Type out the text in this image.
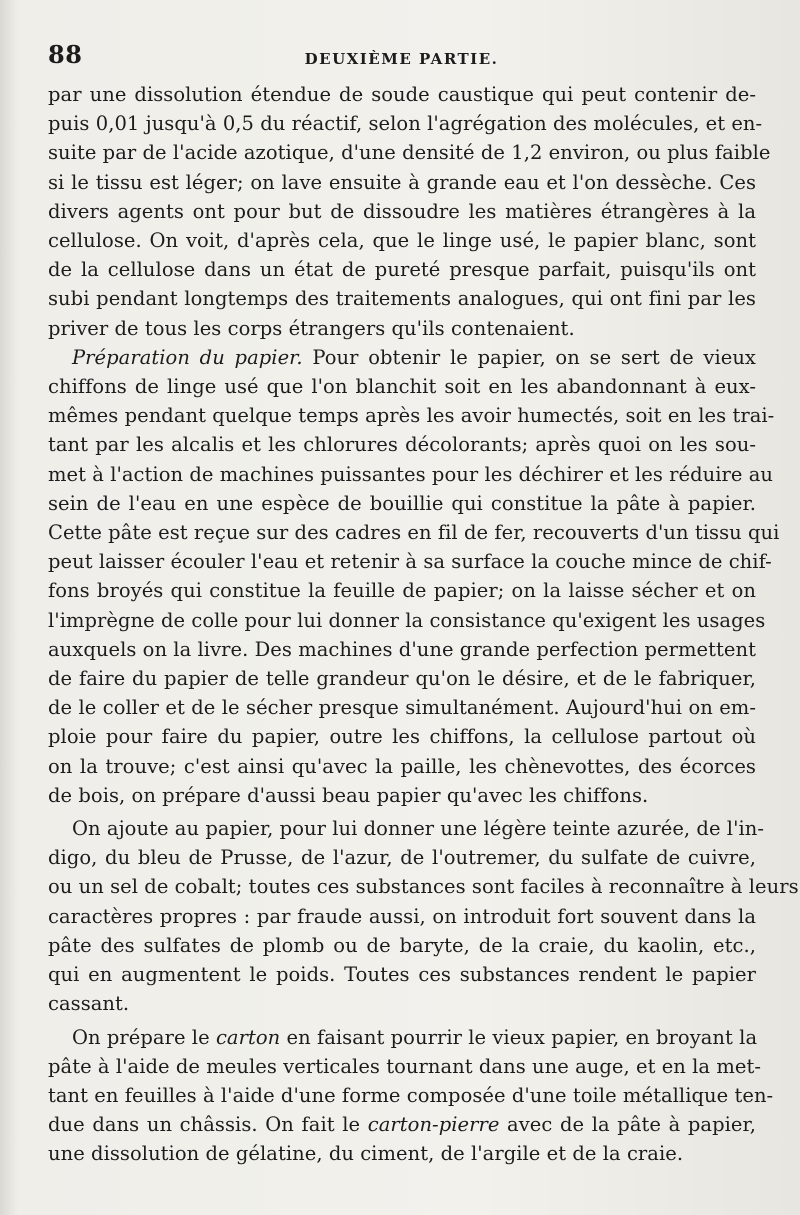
88	DEUXIÈME PARTIE.
par une dissolution étendue de soude caustique qui peut contenir de-
puis 0,01 jusqu'à 0,5 du réactif, selon l'agrégation des molécules, et en-
suite par de l'acide azotique, d'une densité de 1,2 environ, ou plus faible
si le tissu est léger; on lave ensuite à grande eau et l'on dessèche. Ces
divers agents ont pour but de dissoudre les matières étrangères à la
cellulose. On voit, d'après cela, que le linge usé, le papier blanc, sont
de la cellulose dans un état de pureté presque parfait, puisqu'ils ont
subi pendant longtemps des traitements analogues, qui ont fini par les
priver de tous les corps étrangers qu'ils contenaient.
Préparation du papier. Pour obtenir le papier, on se sert de vieux
chiffons de linge usé que l'on blanchit soit en les abandonnant à eux-
mêmes pendant quelque temps après les avoir humectés, soit en les trai-
tant par les alcalis et les chlorures décolorants; après quoi on les sou-
met à l'action de machines puissantes pour les déchirer et les réduire au
sein de l'eau en une espèce de bouillie qui constitue la pâte à papier.
Cette pâte est reçue sur des cadres en fil de fer, recouverts d'un tissu qui
peut laisser écouler l'eau et retenir à sa surface la couche mince de chif-
fons broyés qui constitue la feuille de papier; on la laisse sécher et on
l'imprègne de colle pour lui donner la consistance qu'exigent les usages
auxquels on la livre. Des machines d'une grande perfection permettent
de faire du papier de telle grandeur qu'on le désire, et de le fabriquer,
de le coller et de le sécher presque simultanément. Aujourd'hui on em-
ploie pour faire du papier, outre les chiffons, la cellulose partout où
on la trouve; c'est ainsi qu'avec la paille, les chènevottes, des écorces
de bois, on prépare d'aussi beau papier qu'avec les chiffons.
On ajoute au papier, pour lui donner une légère teinte azurée, de l'in-
digo, du bleu de Prusse, de l'azur, de l'outremer, du sulfate de cuivre,
ou un sel de cobalt; toutes ces substances sont faciles à reconnaître à leurs
caractères propres : par fraude aussi, on introduit fort souvent dans la
pâte des sulfates de plomb ou de baryte, de la craie, du kaolin, etc.,
qui en augmentent le poids. Toutes ces substances rendent le papier
cassant.
On prépare le carton en faisant pourrir le vieux papier, en broyant la
pâte à l'aide de meules verticales tournant dans une auge, et en la met-
tant en feuilles à l'aide d'une forme composée d'une toile métallique ten-
due dans un châssis. On fait le carton-pierre avec de la pâte à papier,
une dissolution de gélatine, du ciment, de l'argile et de la craie.
